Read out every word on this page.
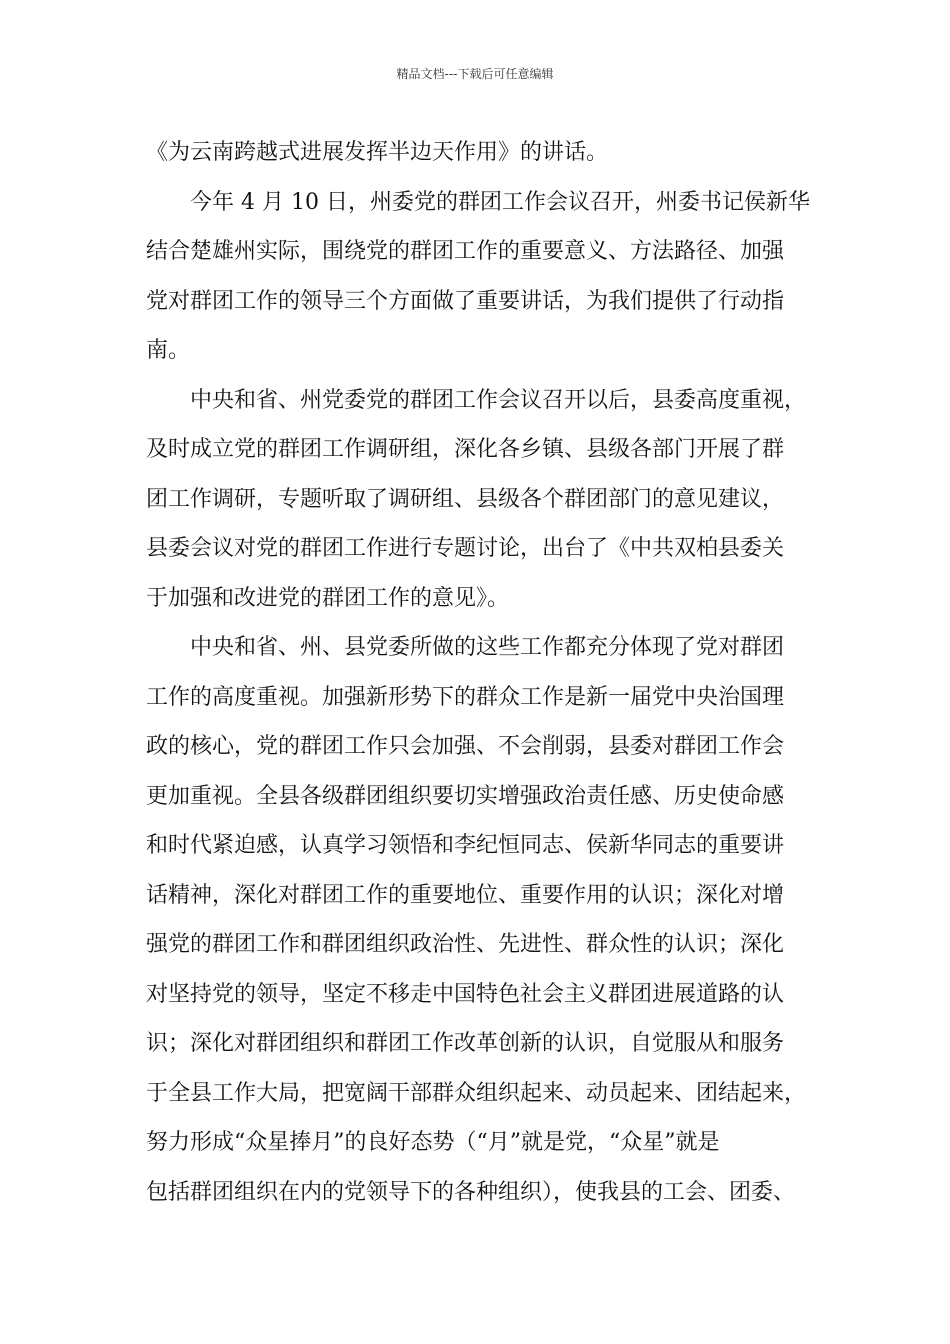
精品文档---下载后可任意编辑
《为云南跨越式进展发挥半边天作用》的讲话。
今年 4 月 10 日，州委党的群团工作会议召开，州委书记侯新华
结合楚雄州实际，围绕党的群团工作的重要意义、方法路径、加强
党对群团工作的领导三个方面做了重要讲话，为我们提供了行动指
南。
中央和省、州党委党的群团工作会议召开以后，县委高度重视，
及时成立党的群团工作调研组，深化各乡镇、县级各部门开展了群
团工作调研，专题听取了调研组、县级各个群团部门的意见建议，
县委会议对党的群团工作进行专题讨论，出台了《中共双柏县委关
于加强和改进党的群团工作的意见》。
中央和省、州、县党委所做的这些工作都充分体现了党对群团
工作的高度重视。加强新形势下的群众工作是新一届党中央治国理
政的核心，党的群团工作只会加强、不会削弱，县委对群团工作会
更加重视。全县各级群团组织要切实增强政治责任感、历史使命感
和时代紧迫感，认真学习领悟和李纪恒同志、侯新华同志的重要讲
话精神，深化对群团工作的重要地位、重要作用的认识；深化对增
强党的群团工作和群团组织政治性、先进性、群众性的认识；深化
对坚持党的领导，坚定不移走中国特色社会主义群团进展道路的认
识；深化对群团组织和群团工作改革创新的认识，自觉服从和服务
于全县工作大局，把宽阔干部群众组织起来、动员起来、团结起来，
努力形成“众星捧月”的良好态势（“月”就是党，“众星”就是
包括群团组织在内的党领导下的各种组织），使我县的工会、团委、
